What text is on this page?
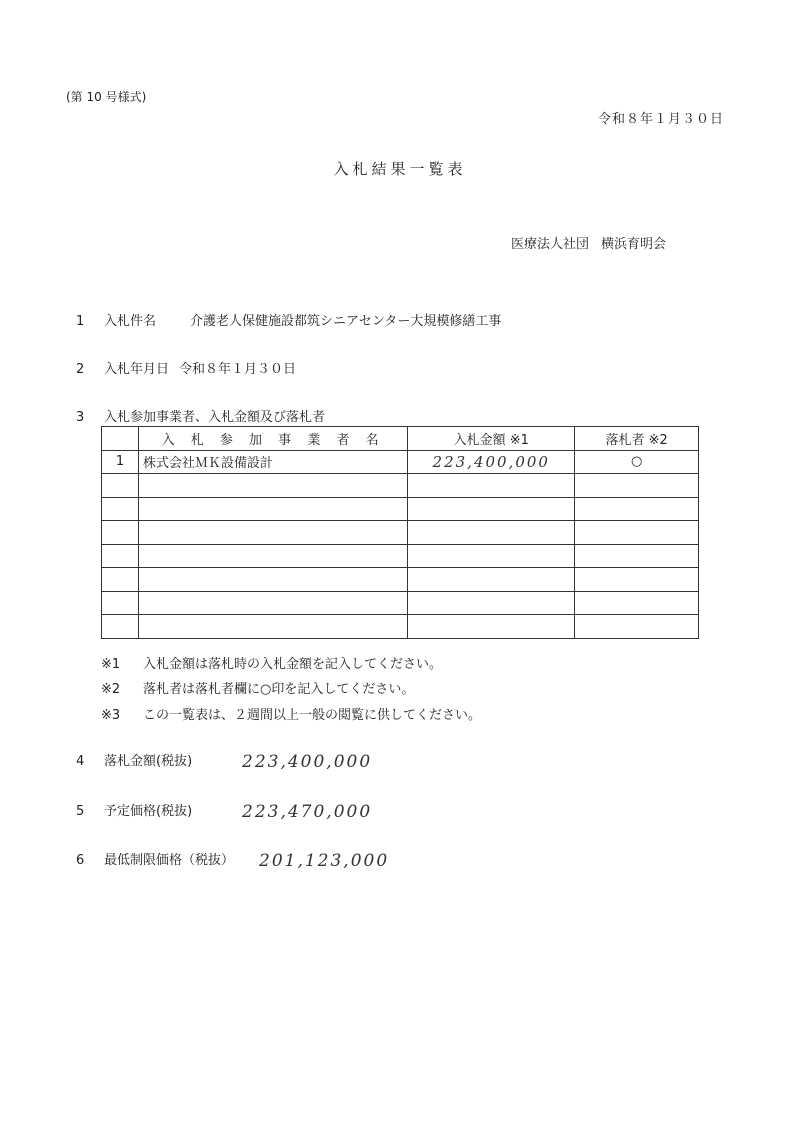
(第 10 号様式)
令和８年１月３０日
入札結果一覧表
医療法人社団 横浜育明会
1 入札件名	介護老人保健施設都筑シニアセンター大規模修繕工事
2 入札年月日 令和８年１月３０日
3 入札参加事業者、入札金額及び落札者
	入 札 参 加 事 業 者 名	入札金額 ※1	落札者 ※2
1	株式会社ＭＫ設備設計	223,400,000	○

※1 入札金額は落札時の入札金額を記入してください。
※2 落札者は落札者欄に○印を記入してください。
※3 この一覧表は、２週間以上一般の閲覧に供してください。
4 落札金額(税抜)	223,400,000
5 予定価格(税抜)	223,470,000
6 最低制限価格（税抜） 201,123,000
